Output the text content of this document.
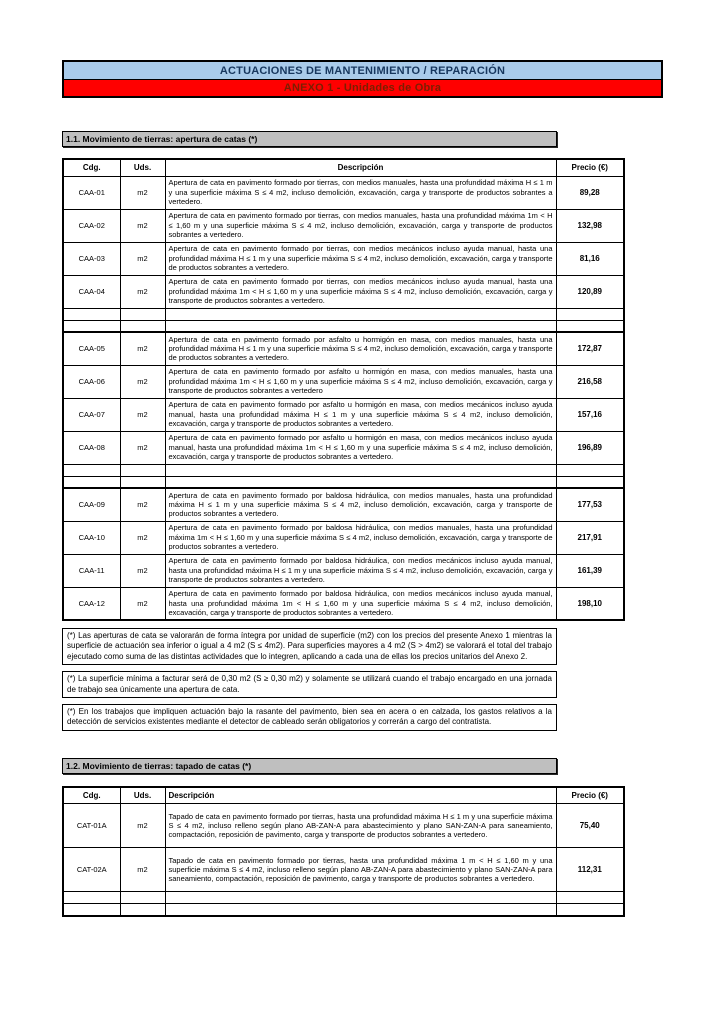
ACTUACIONES DE MANTENIMIENTO / REPARACIÓN
ANEXO 1 - Unidades de Obra
1.1. Movimiento de tierras: apertura de catas (*)
Cdg.	Uds.	Descripción	Precio (€)
CAA-01	m2	Apertura de cata en pavimento formado por tierras, con medios manuales, hasta una profundidad máxima H ≤ 1 m y una superficie máxima S ≤ 4 m2, incluso demolición, excavación, carga y transporte de productos sobrantes a vertedero.	89,28
CAA-02	m2	Apertura de cata en pavimento formado por tierras, con medios manuales, hasta una profundidad máxima 1m < H ≤ 1,60 m y una superficie máxima S ≤ 4 m2, incluso demolición, excavación, carga y transporte de productos sobrantes a vertedero.	132,98
CAA-03	m2	Apertura de cata en pavimento formado por tierras, con medios mecánicos incluso ayuda manual, hasta una profundidad máxima H ≤ 1 m y una superficie máxima S ≤ 4 m2, incluso demolición, excavación, carga y transporte de productos sobrantes a vertedero.	81,16
CAA-04	m2	Apertura de cata en pavimento formado por tierras, con medios mecánicos incluso ayuda manual, hasta una profundidad máxima 1m < H ≤ 1,60 m y una superficie máxima S ≤ 4 m2, incluso demolición, excavación, carga y transporte de productos sobrantes a vertedero.	120,89

CAA-05	m2	Apertura de cata en pavimento formado por asfalto u hormigón en masa, con medios manuales, hasta una profundidad máxima H ≤ 1 m y una superficie máxima S ≤ 4 m2, incluso demolición, excavación, carga y transporte de productos sobrantes a vertedero.	172,87
CAA-06	m2	Apertura de cata en pavimento formado por asfalto u hormigón en masa, con medios manuales, hasta una profundidad máxima 1m < H ≤ 1,60 m y una superficie máxima S ≤ 4 m2, incluso demolición, excavación, carga y transporte de productos sobrantes a vertedero	216,58
CAA-07	m2	Apertura de cata en pavimento formado por asfalto u hormigón en masa, con medios mecánicos incluso ayuda manual, hasta una profundidad máxima H ≤ 1 m y una superficie máxima S ≤ 4 m2, incluso demolición, excavación, carga y transporte de productos sobrantes a vertedero.	157,16
CAA-08	m2	Apertura de cata en pavimento formado por asfalto u hormigón en masa, con medios mecánicos incluso ayuda manual, hasta una profundidad máxima 1m < H ≤ 1,60 m y una superficie máxima S ≤ 4 m2, incluso demolición, excavación, carga y transporte de productos sobrantes a vertedero.	196,89

CAA-09	m2	Apertura de cata en pavimento formado por baldosa hidráulica, con medios manuales, hasta una profundidad máxima H ≤ 1 m y una superficie máxima S ≤ 4 m2, incluso demolición, excavación, carga y transporte de productos sobrantes a vertedero.	177,53
CAA-10	m2	Apertura de cata en pavimento formado por baldosa hidráulica, con medios manuales, hasta una profundidad máxima 1m < H ≤ 1,60 m y una superficie máxima S ≤ 4 m2, incluso demolición, excavación, carga y transporte de productos sobrantes a vertedero.	217,91
CAA-11	m2	Apertura de cata en pavimento formado por baldosa hidráulica, con medios mecánicos incluso ayuda manual, hasta una profundidad máxima H ≤ 1 m y una superficie máxima S ≤ 4 m2, incluso demolición, excavación, carga y transporte de productos sobrantes a vertedero.	161,39
CAA-12	m2	Apertura de cata en pavimento formado por baldosa hidráulica, con medios mecánicos incluso ayuda manual, hasta una profundidad máxima 1m < H ≤ 1,60 m y una superficie máxima S ≤ 4 m2, incluso demolición, excavación, carga y transporte de productos sobrantes a vertedero.	198,10
(*) Las aperturas de cata se valorarán de forma íntegra por unidad de superficie (m2) con los precios del presente Anexo 1 mientras la superficie de actuación sea inferior o igual a 4 m2 (S ≤ 4m2). Para superficies mayores a 4 m2 (S > 4m2) se valorará el total del trabajo ejecutado como suma de las distintas actividades que lo integren, aplicando a cada una de ellas los precios unitarios del Anexo 2.
(*) La superficie mínima a facturar será de 0,30 m2 (S ≥ 0,30 m2) y solamente se utilizará cuando el trabajo encargado en una jornada de trabajo sea únicamente una apertura de cata.
(*) En los trabajos que impliquen actuación bajo la rasante del pavimento, bien sea en acera o en calzada, los gastos relativos a la detección de servicios existentes mediante el detector de cableado serán obligatorios y correrán a cargo del contratista.
1.2. Movimiento de tierras: tapado de catas (*)
Cdg.	Uds.	Descripción	Precio (€)
CAT-01A	m2	Tapado de cata en pavimento formado por tierras, hasta una profundidad máxima H ≤ 1 m y una superficie máxima S ≤ 4 m2, incluso relleno según plano AB-ZAN-A para abastecimiento y plano SAN-ZAN-A para saneamiento, compactación, reposición de pavimento, carga y transporte de productos sobrantes a vertedero.	75,40
CAT-02A	m2	Tapado de cata en pavimento formado por tierras, hasta una profundidad máxima 1 m < H ≤ 1,60 m y una superficie máxima S ≤ 4 m2, incluso relleno según plano AB-ZAN-A para abastecimiento y plano SAN-ZAN-A para saneamiento, compactación, reposición de pavimento, carga y transporte de productos sobrantes a vertedero.	112,31
